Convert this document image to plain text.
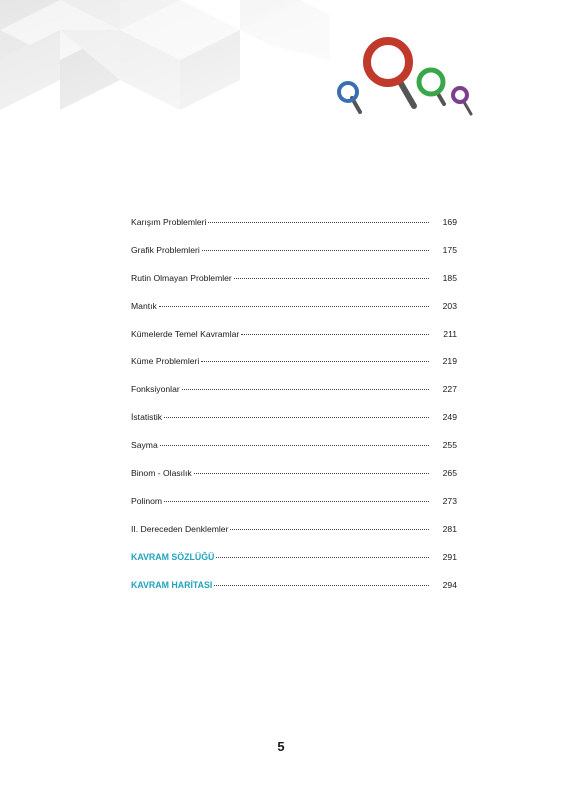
Karışım Problemleri	169
Grafik Problemleri	175
Rutin Olmayan Problemler	185
Mantık	203
Kümelerde Temel Kavramlar	211
Küme Problemleri	219
Fonksiyonlar	227
İstatistik	249
Sayma	255
Binom - Olasılık	265
Polinom	273
II. Dereceden Denklemler	281
KAVRAM SÖZLÜĞÜ	291
KAVRAM HARİTASI	294
5
